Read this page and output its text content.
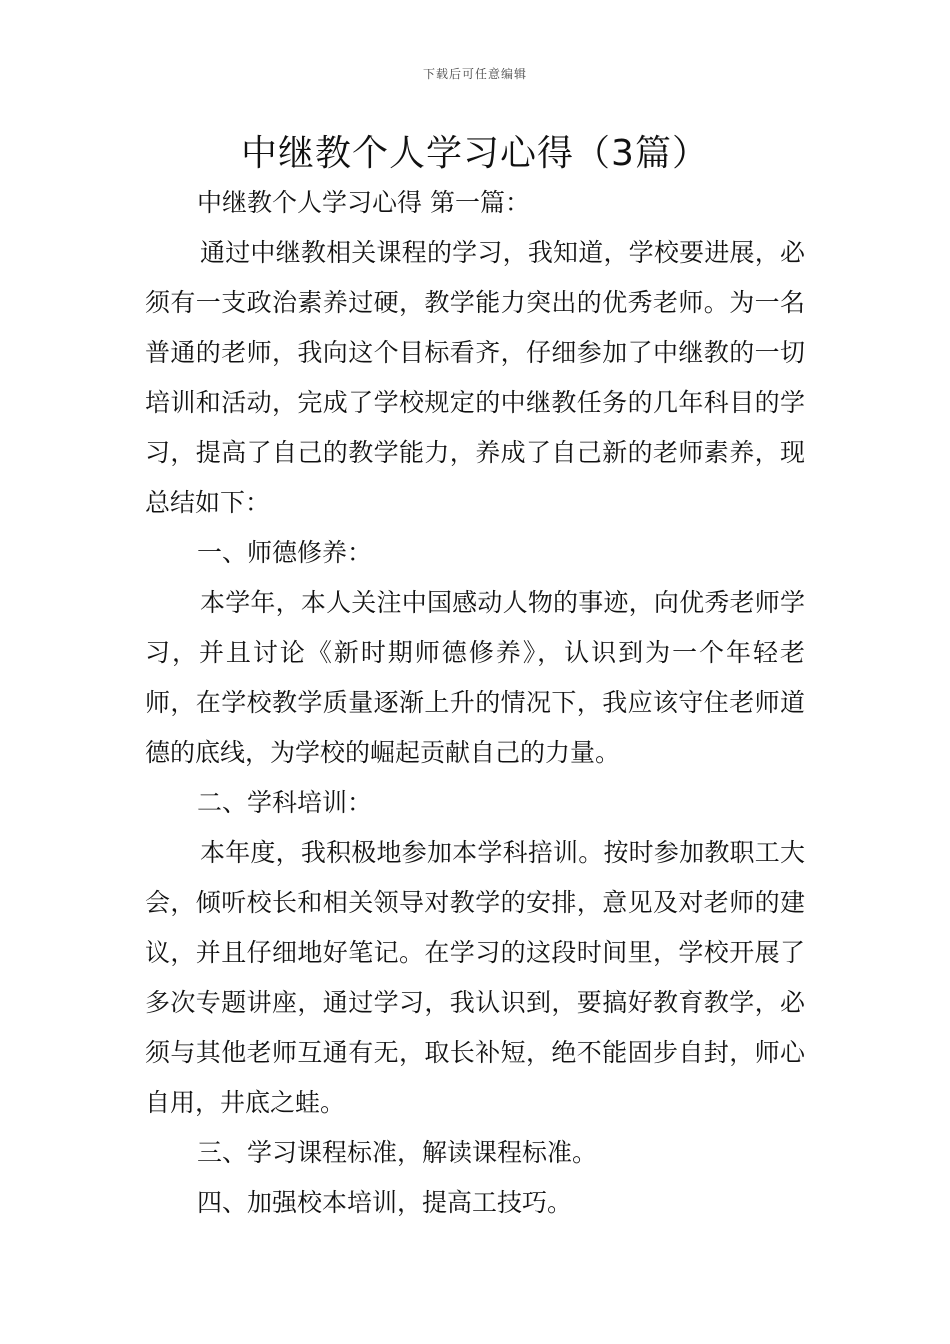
下载后可任意编辑
中继教个人学习心得（3篇）

中继教个人学习心得 第一篇：

通过中继教相关课程的学习，我知道，学校要进展，必须有一支政治素养过硬，教学能力突出的优秀老师。为一名普通的老师，我向这个目标看齐，仔细参加了中继教的一切培训和活动，完成了学校规定的中继教任务的几年科目的学习，提高了自己的教学能力，养成了自己新的老师素养，现总结如下：

一、师德修养：

本学年，本人关注中国感动人物的事迹，向优秀老师学习，并且讨论《新时期师德修养》，认识到为一个年轻老师，在学校教学质量逐渐上升的情况下，我应该守住老师道德的底线，为学校的崛起贡献自己的力量。

二、学科培训：

本年度，我积极地参加本学科掊训。按时参加教职工大会，倾听校长和相关领导对教学的安排，意见及对老师的建议，并且仔细地好笔记。在学习的这段时间里，学校开展了多次专题讲座，通过学习，我认识到，要搞好教育教学，必须与其他老师互通有无，取长补短，绝不能固步自封，师心自用，井底之蛙。

三、学习课程标准，解读课程标准。

四、加强校本培训，提高工技巧。
